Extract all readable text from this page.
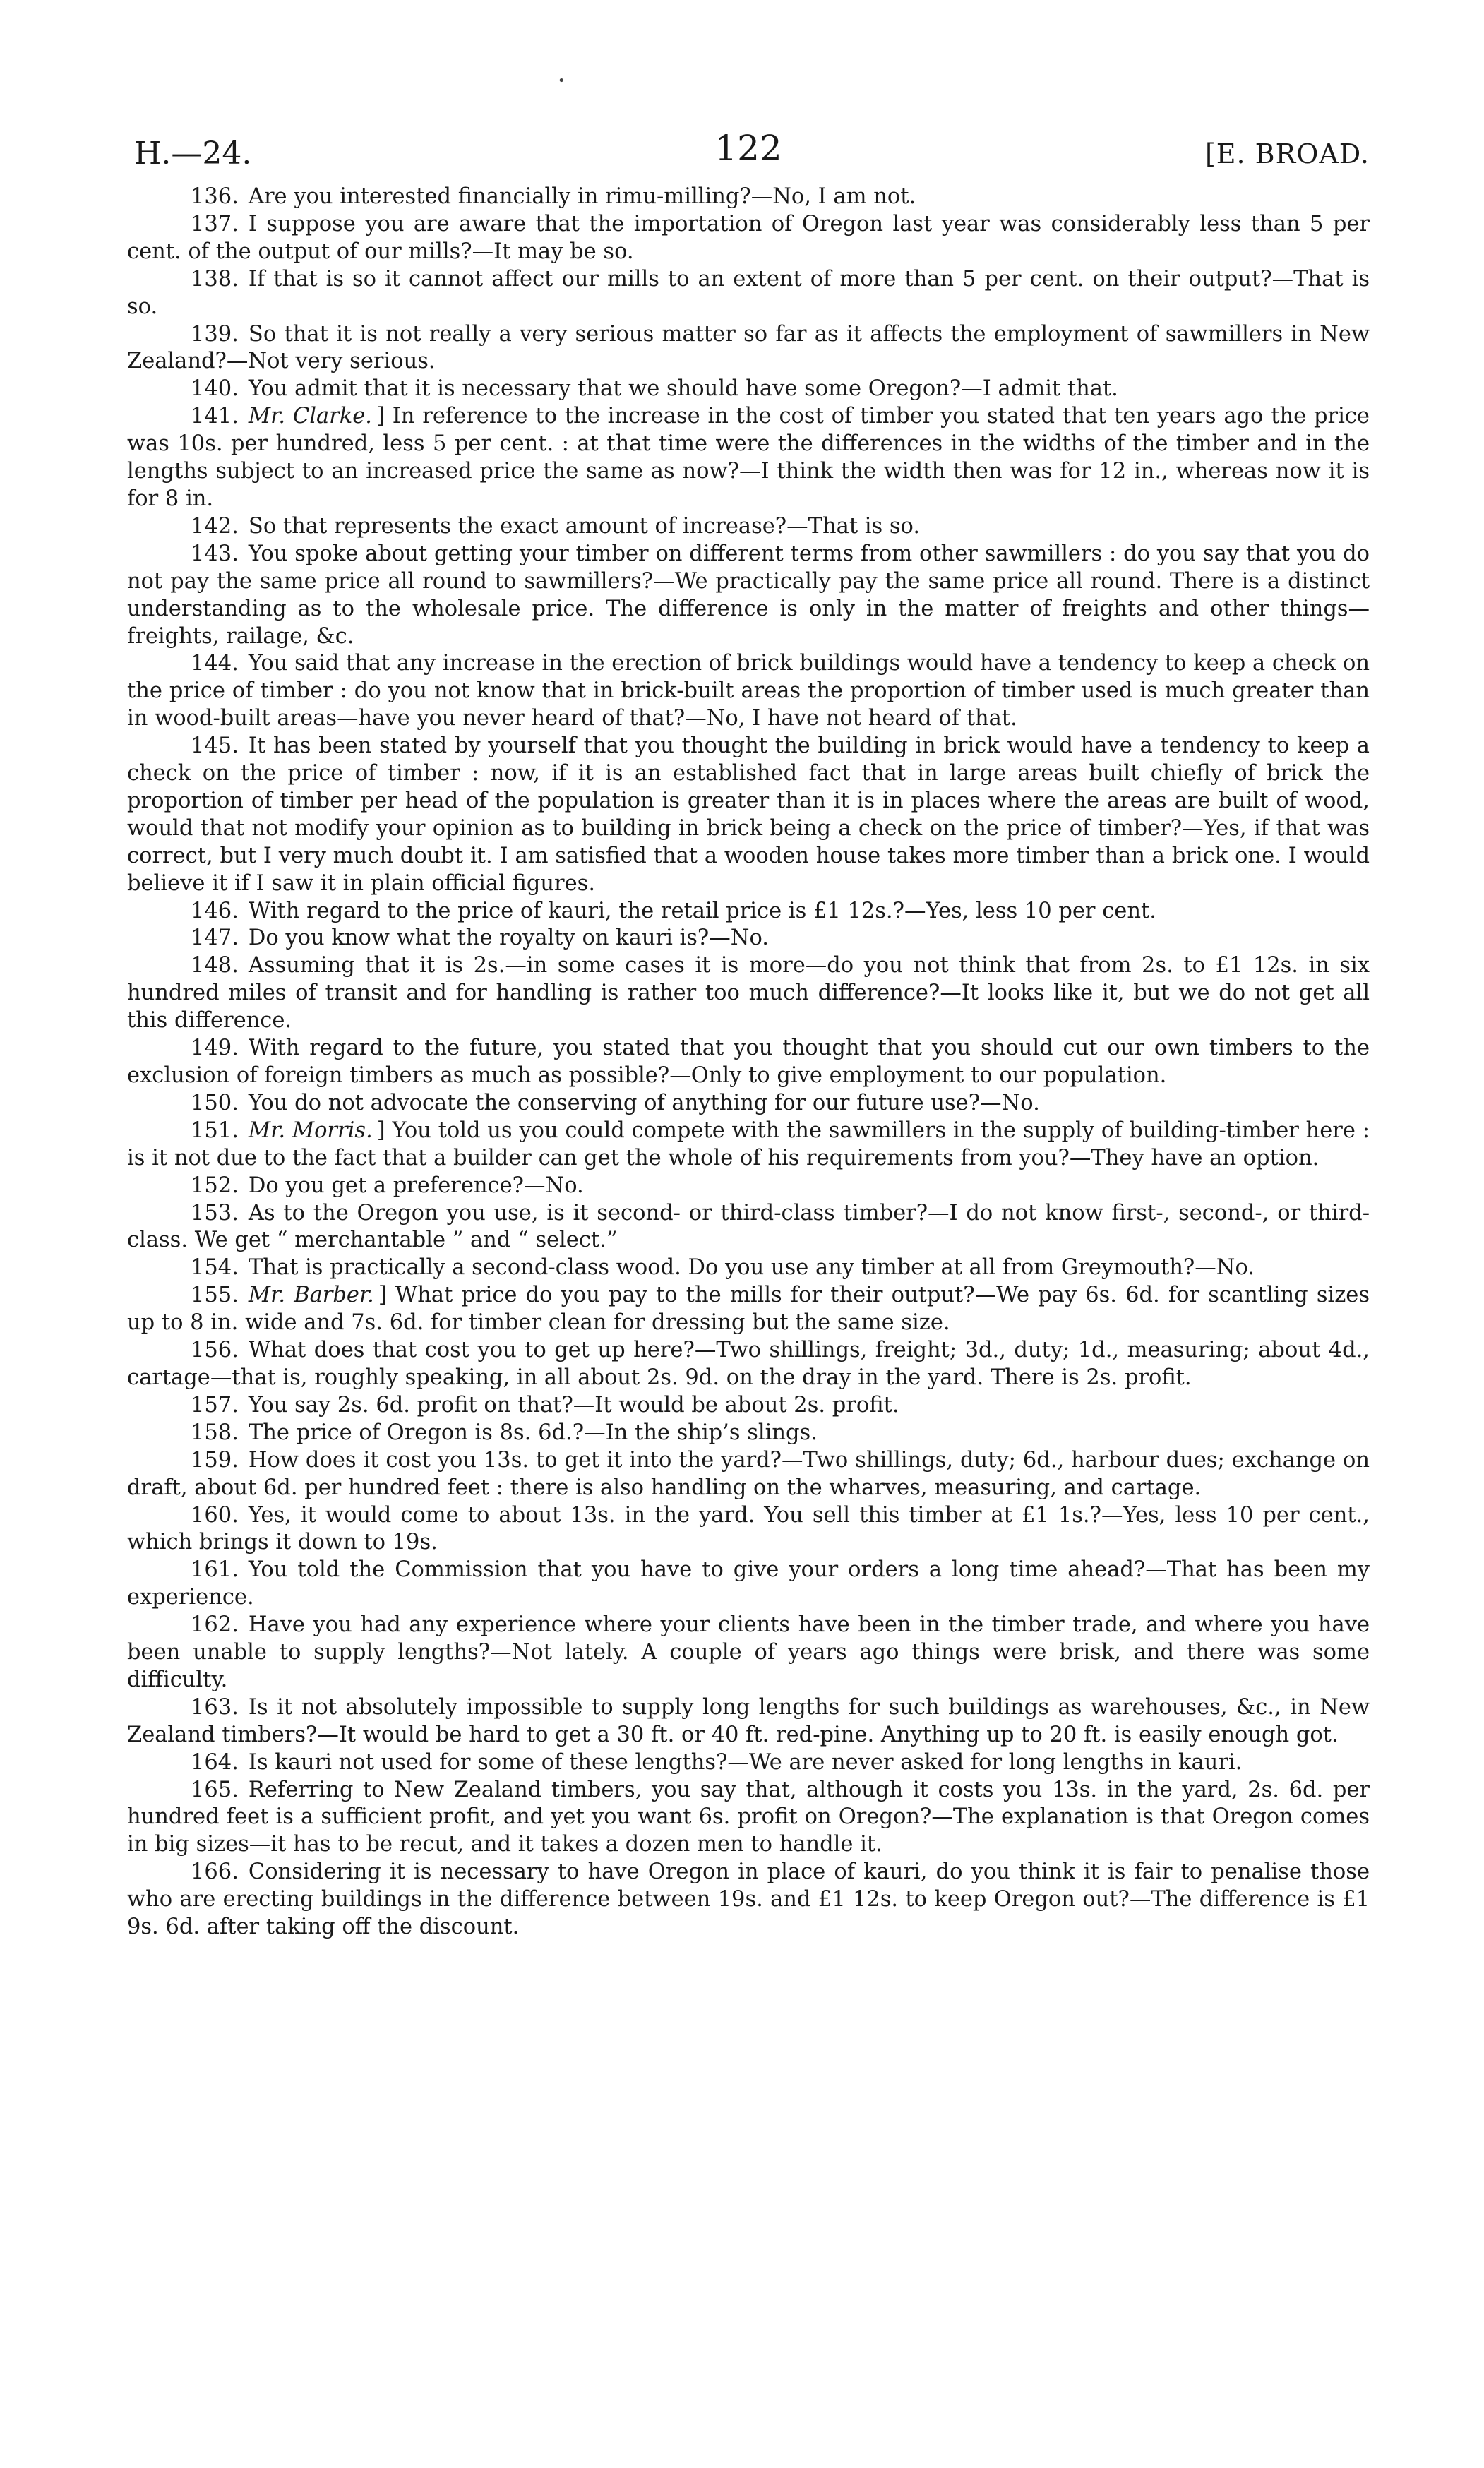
•
H.—24.	122	[E. BROAD.

136. Are you interested financially in rimu-milling?—No, I am not.

137. I suppose you are aware that the importation of Oregon last year was considerably less than 5 per cent. of the output of our mills?—It may be so.

138. If that is so it cannot affect our mills to an extent of more than 5 per cent. on their output?—That is so.

139. So that it is not really a very serious matter so far as it affects the employment of sawmillers in New Zealand?—Not very serious.

140. You admit that it is necessary that we should have some Oregon?—I admit that.

141. Mr. Clarke. ] In reference to the increase in the cost of timber you stated that ten years ago the price was 10s. per hundred, less 5 per cent. : at that time were the differences in the widths of the timber and in the lengths subject to an increased price the same as now?—I think the width then was for 12 in., whereas now it is for 8 in.

142. So that represents the exact amount of increase?—That is so.

143. You spoke about getting your timber on different terms from other sawmillers : do you say that you do not pay the same price all round to sawmillers?—We practically pay the same price all round. There is a distinct understanding as to the wholesale price. The difference is only in the matter of freights and other things—freights, railage, &c.

144. You said that any increase in the erection of brick buildings would have a tendency to keep a check on the price of timber : do you not know that in brick-built areas the proportion of timber used is much greater than in wood-built areas—have you never heard of that?—No, I have not heard of that.

145. It has been stated by yourself that you thought the building in brick would have a tendency to keep a check on the price of timber : now, if it is an established fact that in large areas built chiefly of brick the proportion of timber per head of the population is greater than it is in places where the areas are built of wood, would that not modify your opinion as to building in brick being a check on the price of timber?—Yes, if that was correct, but I very much doubt it. I am satisfied that a wooden house takes more timber than a brick one. I would believe it if I saw it in plain official figures.

146. With regard to the price of kauri, the retail price is £1 12s.?—Yes, less 10 per cent.

147. Do you know what the royalty on kauri is?—No.

148. Assuming that it is 2s.—in some cases it is more—do you not think that from 2s. to £1 12s. in six hundred miles of transit and for handling is rather too much difference?—It looks like it, but we do not get all this difference.

149. With regard to the future, you stated that you thought that you should cut our own timbers to the exclusion of foreign timbers as much as possible?—Only to give employment to our population.

150. You do not advocate the conserving of anything for our future use?—No.

151. Mr. Morris. ] You told us you could compete with the sawmillers in the supply of building-timber here : is it not due to the fact that a builder can get the whole of his requirements from you?—They have an option.

152. Do you get a preference?—No.

153. As to the Oregon you use, is it second- or third-class timber?—I do not know first-, second-, or third-class. We get “ merchantable ” and “ select.”

154. That is practically a second-class wood. Do you use any timber at all from Greymouth?—No.

155. Mr. Barber. ] What price do you pay to the mills for their output?—We pay 6s. 6d. for scantling sizes up to 8 in. wide and 7s. 6d. for timber clean for dressing but the same size.

156. What does that cost you to get up here?—Two shillings, freight; 3d., duty; 1d., measuring; about 4d., cartage—that is, roughly speaking, in all about 2s. 9d. on the dray in the yard. There is 2s. profit.

157. You say 2s. 6d. profit on that?—It would be about 2s. profit.

158. The price of Oregon is 8s. 6d.?—In the ship’s slings.

159. How does it cost you 13s. to get it into the yard?—Two shillings, duty; 6d., harbour dues; exchange on draft, about 6d. per hundred feet : there is also handling on the wharves, measuring, and cartage.

160. Yes, it would come to about 13s. in the yard. You sell this timber at £1 1s.?—Yes, less 10 per cent., which brings it down to 19s.

161. You told the Commission that you have to give your orders a long time ahead?—That has been my experience.

162. Have you had any experience where your clients have been in the timber trade, and where you have been unable to supply lengths?—Not lately. A couple of years ago things were brisk, and there was some difficulty.

163. Is it not absolutely impossible to supply long lengths for such buildings as warehouses, &c., in New Zealand timbers?—It would be hard to get a 30 ft. or 40 ft. red-pine. Anything up to 20 ft. is easily enough got.

164. Is kauri not used for some of these lengths?—We are never asked for long lengths in kauri.

165. Referring to New Zealand timbers, you say that, although it costs you 13s. in the yard, 2s. 6d. per hundred feet is a sufficient profit, and yet you want 6s. profit on Oregon?—The explanation is that Oregon comes in big sizes—it has to be recut, and it takes a dozen men to handle it.

166. Considering it is necessary to have Oregon in place of kauri, do you think it is fair to penalise those who are erecting buildings in the difference between 19s. and £1 12s. to keep Oregon out?—The difference is £1 9s. 6d. after taking off the discount.
